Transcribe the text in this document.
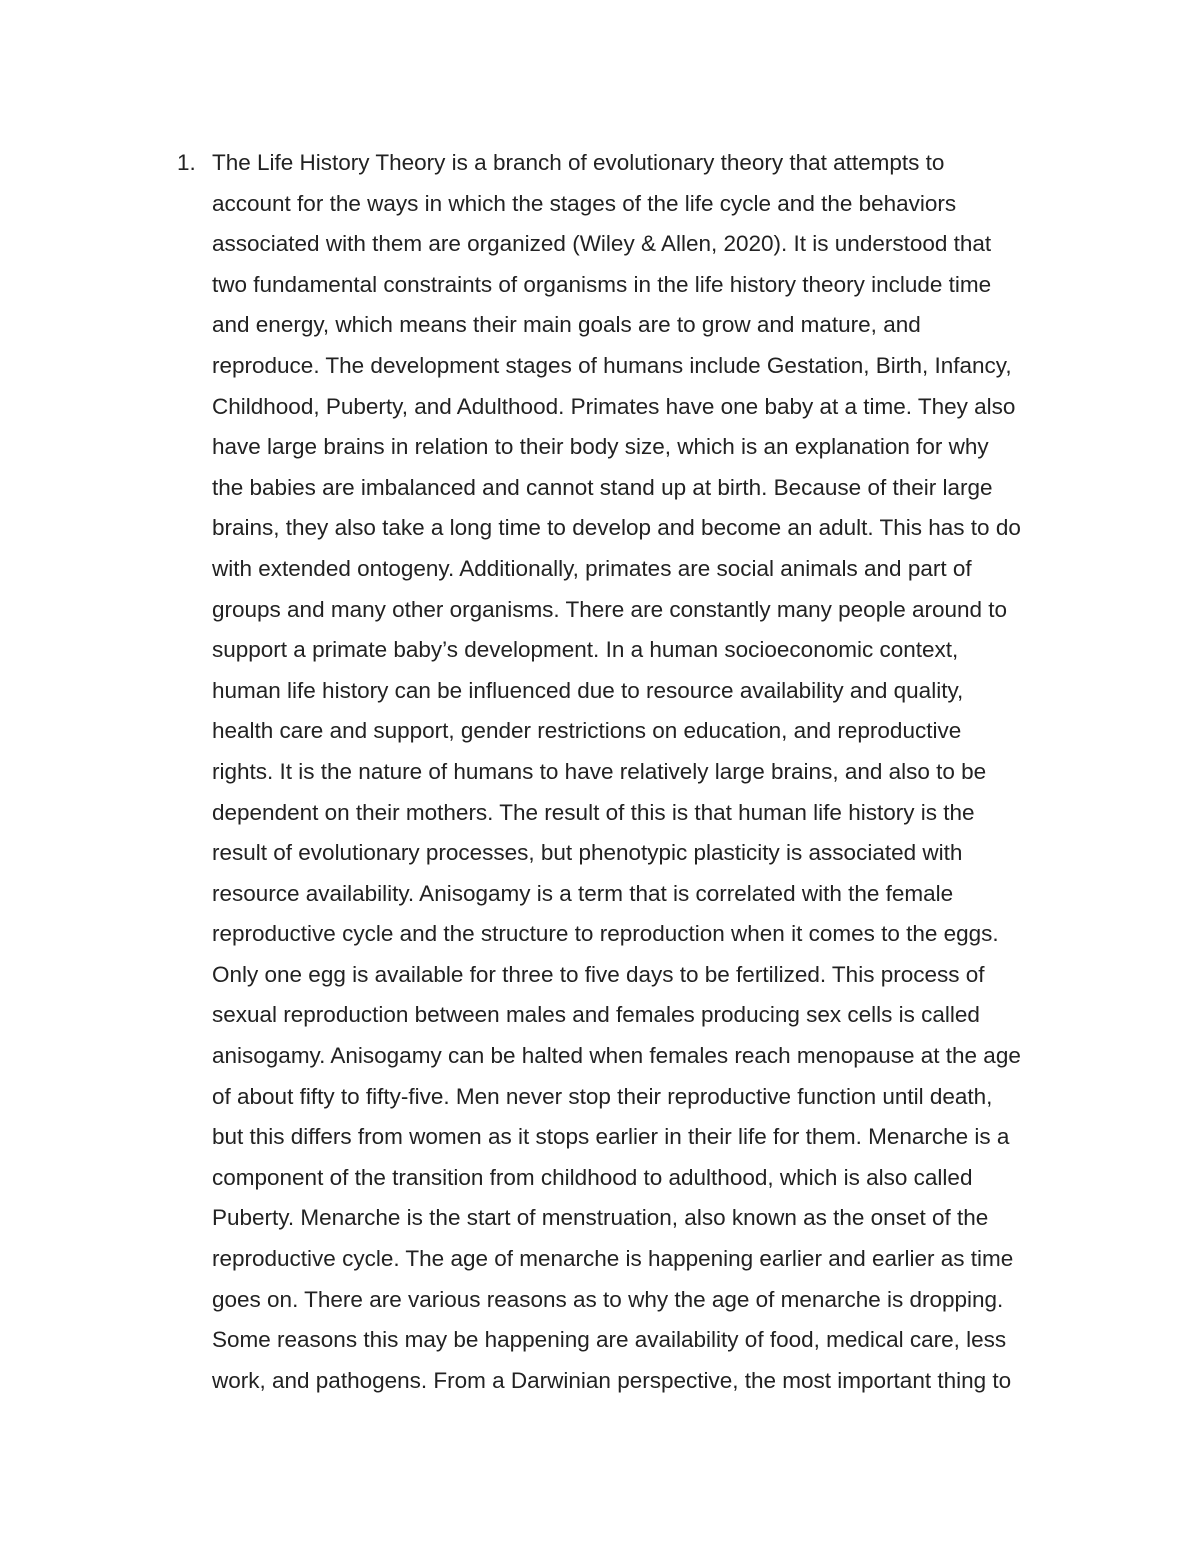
1. The Life History Theory is a branch of evolutionary theory that attempts to
account for the ways in which the stages of the life cycle and the behaviors
associated with them are organized (Wiley & Allen, 2020). It is understood that
two fundamental constraints of organisms in the life history theory include time
and energy, which means their main goals are to grow and mature, and
reproduce. The development stages of humans include Gestation, Birth, Infancy,
Childhood, Puberty, and Adulthood. Primates have one baby at a time. They also
have large brains in relation to their body size, which is an explanation for why
the babies are imbalanced and cannot stand up at birth. Because of their large
brains, they also take a long time to develop and become an adult. This has to do
with extended ontogeny. Additionally, primates are social animals and part of
groups and many other organisms. There are constantly many people around to
support a primate baby’s development. In a human socioeconomic context,
human life history can be influenced due to resource availability and quality,
health care and support, gender restrictions on education, and reproductive
rights. It is the nature of humans to have relatively large brains, and also to be
dependent on their mothers. The result of this is that human life history is the
result of evolutionary processes, but phenotypic plasticity is associated with
resource availability. Anisogamy is a term that is correlated with the female
reproductive cycle and the structure to reproduction when it comes to the eggs.
Only one egg is available for three to five days to be fertilized. This process of
sexual reproduction between males and females producing sex cells is called
anisogamy. Anisogamy can be halted when females reach menopause at the age
of about fifty to fifty-five. Men never stop their reproductive function until death,
but this differs from women as it stops earlier in their life for them. Menarche is a
component of the transition from childhood to adulthood, which is also called
Puberty. Menarche is the start of menstruation, also known as the onset of the
reproductive cycle. The age of menarche is happening earlier and earlier as time
goes on. There are various reasons as to why the age of menarche is dropping.
Some reasons this may be happening are availability of food, medical care, less
work, and pathogens. From a Darwinian perspective, the most important thing to
